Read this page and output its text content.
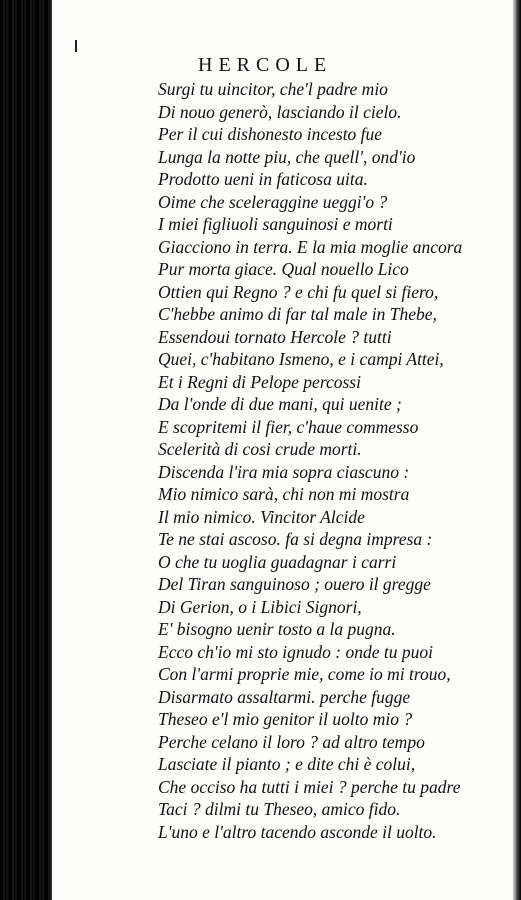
HERCOLE
Surgi tu uincitor, che'l padre mio
Di nouo generò, lasciando il cielo.
Per il cui dishonesto incesto fue
Lunga la notte piu, che quell', ond'io
Prodotto ueni in faticosa uita.
Oime che sceleraggine ueggi'o ?
I miei figliuoli sanguinosi e morti
Giacciono in terra. E la mia moglie ancora
Pur morta giace. Qual nouello Lico
Ottien qui Regno ? e chi fu quel si fiero,
C'hebbe animo di far tal male in Thebe,
Essendoui tornato Hercole ? tutti
Quei, c'habitano Ismeno, e i campi Attei,
Et i Regni di Pelope percossi
Da l'onde di due mani, qui uenite ;
E scopritemi il fier, c'haue commesso
Scelerità di cosi crude morti.
Discenda l'ira mia sopra ciascuno :
Mio nimico sarà, chi non mi mostra
Il mio nimico. Vincitor Alcide
Te ne stai ascoso. fa si degna impresa :
O che tu uoglia guadagnar i carri
Del Tiran sanguinoso ; ouero il gregge
Di Gerion, o i Libici Signori,
E' bisogno uenir tosto a la pugna.
Ecco ch'io mi sto ignudo : onde tu puoi
Con l'armi proprie mie, come io mi trouo,
Disarmato assaltarmi. perche fugge
Theseo e'l mio genitor il uolto mio ?
Perche celano il loro ? ad altro tempo
Lasciate il pianto ; e dite chi è colui,
Che occiso ha tutti i miei ? perche tu padre
Taci ? dilmi tu Theseo, amico fido.
L'uno e l'altro tacendo asconde il uolto.
